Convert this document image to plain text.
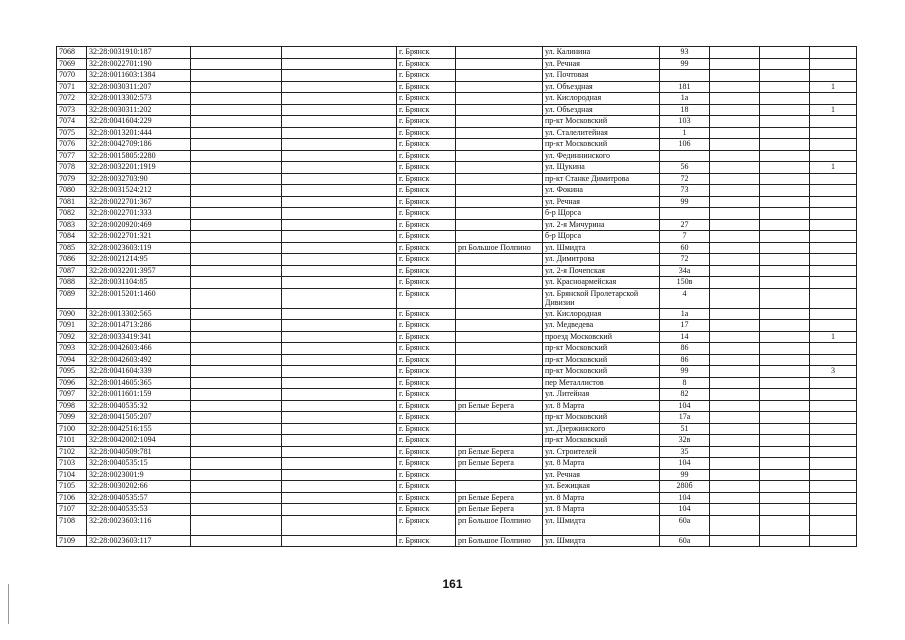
7068	32:28:0031910:187			г. Брянск		ул. Калинина	93			
7069	32:28:0022701:190			г. Брянск		ул. Речная	99			
7070	32:28:0011603:1384			г. Брянск		ул. Почтовая				
7071	32:28:0030311:207			г. Брянск		ул. Объездная	181			1
7072	32:28:0013302:573			г. Брянск		ул. Кислородная	1а			
7073	32:28:0030311:202			г. Брянск		ул. Объездная	18			1
7074	32:28:0041604:229			г. Брянск		пр-кт Московский	103			
7075	32:28:0013201:444			г. Брянск		ул. Сталелитейная	1			
7076	32:28:0042709:186			г. Брянск		пр-кт Московский	106			
7077	32:28:0015805:2280			г. Брянск		ул. Фединнинского				
7078	32:28:0032201:1919			г. Брянск		ул. Щукина	56			1
7079	32:28:0032703:90			г. Брянск		пр-кт Станке Димитрова	72			
7080	32:28:0031524:212			г. Брянск		ул. Фокина	73			
7081	32:28:0022701:367			г. Брянск		ул. Речная	99			
7082	32:28:0022701:333			г. Брянск		б-р Щорса				
7083	32:28:0020920:469			г. Брянск		ул. 2-я Мичурина	27			
7084	32:28:0022701:321			г. Брянск		б-р Щорса	7			
7085	32:28:0023603:119			г. Брянск	рп Большое Полпино	ул. Шмидта	60			
7086	32:28:0021214:95			г. Брянск		ул. Димитрова	72			
7087	32:28:0032201:3957			г. Брянск		ул. 2-я Почепская	34а			
7088	32:28:0031104:85			г. Брянск		ул. Красноармейская	150в			
7089	32:28:0015201:1460			г. Брянск		ул. Брянской Пролетарской Дивизии	4			
7090	32:28:0013302:565			г. Брянск		ул. Кислородная	1а			
7091	32:28:0014713:286			г. Брянск		ул. Медведева	17			
7092	32:28:0033419:341			г. Брянск		проезд Московский	14			1
7093	32:28:0042603:466			г. Брянск		пр-кт Московский	86			
7094	32:28:0042603:492			г. Брянск		пр-кт Московский	86			
7095	32:28:0041604:339			г. Брянск		пр-кт Московский	99			3
7096	32:28:0014605:365			г. Брянск		пер Металлистов	8			
7097	32:28:0011601:159			г. Брянск		ул. Литейная	82			
7098	32:28:0040535:32			г. Брянск	рп Белые Берега	ул. 8 Марта	104			
7099	32:28:0041505:207			г. Брянск		пр-кт Московский	17а			
7100	32:28:0042516:155			г. Брянск		ул. Дзержинского	51			
7101	32:28:0042002:1094			г. Брянск		пр-кт Московский	32в			
7102	32:28:0040509:781			г. Брянск	рп Белые Берега	ул. Строителей	35			
7103	32:28:0040535:15			г. Брянск	рп Белые Берега	ул. 8 Марта	104			
7104	32:28:0023001:9			г. Брянск		ул. Речная	99			
7105	32:28:0030202:66			г. Брянск		ул. Бежицкая	280б			
7106	32:28:0040535:57			г. Брянск	рп Белые Берега	ул. 8 Марта	104			
7107	32:28:0040535:53			г. Брянск	рп Белые Берега	ул. 8 Марта	104			
7108	32:28:0023603:116			г. Брянск	рп Большое Полпино	ул. Шмидта	60а			
7109	32:28:0023603:117			г. Брянск	рп Большое Полпино	ул. Шмидта	60а			
161
